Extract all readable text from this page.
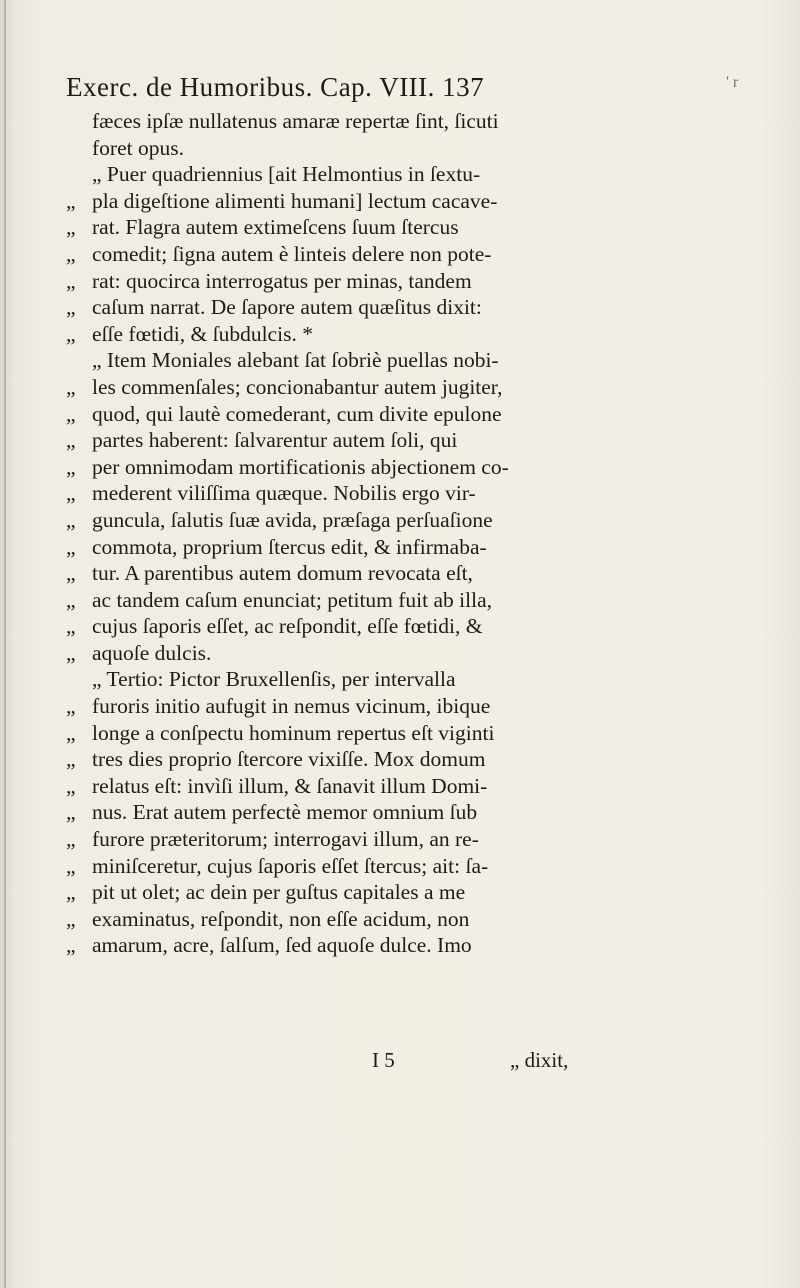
Exerc. de Humoribus. Cap. VIII. 137	' r
fæces ipſæ nullatenus amaræ repertæ ſint, ſicuti
foret opus.
„ Puer quadriennius [ait Helmontius in ſextu-
„ pla digeſtione alimenti humani] lectum cacave-
„ rat. Flagra autem extimeſcens ſuum ſtercus
„ comedit; ſigna autem è linteis delere non pote-
„ rat: quocirca interrogatus per minas, tandem
„ caſum narrat. De ſapore autem quæſitus dixit:
„ eſſe fœtidi, & ſubdulcis. *
„ Item Moniales alebant ſat ſobriè puellas nobi-
„ les commenſales; concionabantur autem jugiter,
„ quod, qui lautè comederant, cum divite epulone
„ partes haberent: ſalvarentur autem ſoli, qui
„ per omnimodam mortificationis abjectionem co-
„ mederent viliſſima quæque. Nobilis ergo vir-
„ guncula, ſalutis ſuæ avida, præſaga perſuaſione
„ commota, proprium ſtercus edit, & infirmaba-
„ tur. A parentibus autem domum revocata eſt,
„ ac tandem caſum enunciat; petitum fuit ab illa,
„ cujus ſaporis eſſet, ac reſpondit, eſſe fœtidi, &
„ aquoſe dulcis.
„ Tertio: Pictor Bruxellenſis, per intervalla
„ furoris initio aufugit in nemus vicinum, ibique
„ longe a conſpectu hominum repertus eſt viginti
„ tres dies proprio ſtercore vixiſſe. Mox domum
„ relatus eſt: invìſi illum, & ſanavit illum Domi-
„ nus. Erat autem perfectè memor omnium ſub
„ furore præteritorum; interrogavi illum, an re-
„ miniſceretur, cujus ſaporis eſſet ſtercus; ait: ſa-
„ pit ut olet; ac dein per guſtus capitales a me
„ examinatus, reſpondit, non eſſe acidum, non
„ amarum, acre, ſalſum, ſed aquoſe dulce. Imo
I 5	„ dixit,
